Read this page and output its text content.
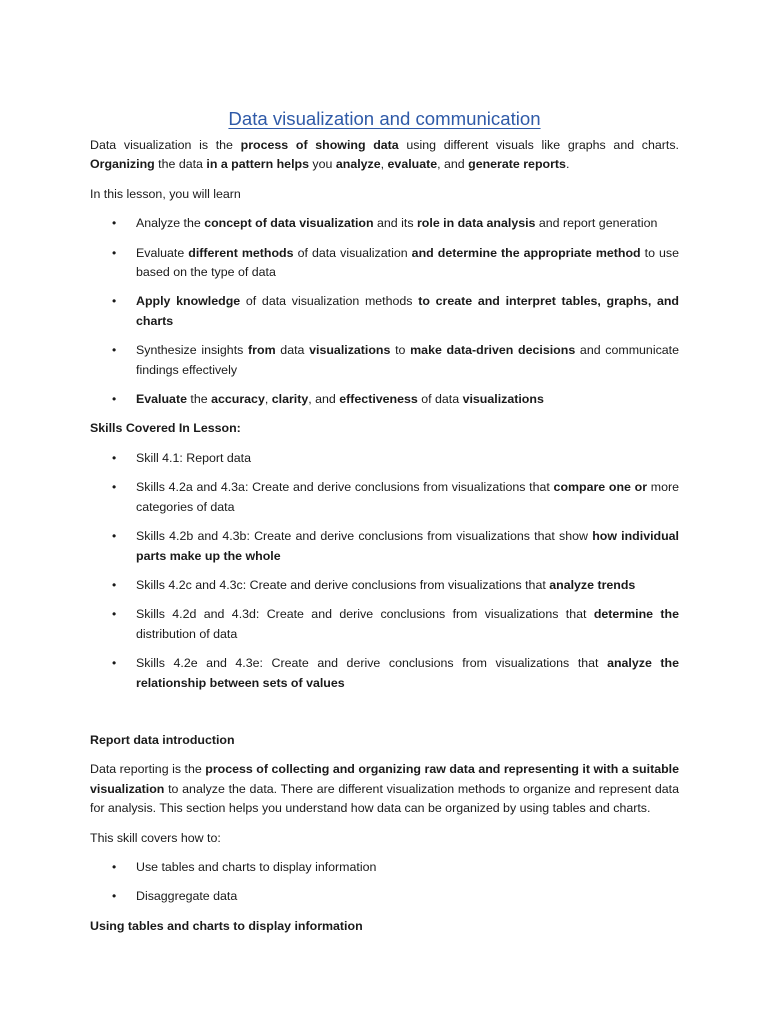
Data visualization and communication

Data visualization is the process of showing data using different visuals like graphs and charts. Organizing the data in a pattern helps you analyze, evaluate, and generate reports.

In this lesson, you will learn

• Analyze the concept of data visualization and its role in data analysis and report generation
• Evaluate different methods of data visualization and determine the appropriate method to use based on the type of data
• Apply knowledge of data visualization methods to create and interpret tables, graphs, and charts
• Synthesize insights from data visualizations to make data-driven decisions and communicate findings effectively
• Evaluate the accuracy, clarity, and effectiveness of data visualizations

Skills Covered In Lesson:

• Skill 4.1: Report data
• Skills 4.2a and 4.3a: Create and derive conclusions from visualizations that compare one or more categories of data
• Skills 4.2b and 4.3b: Create and derive conclusions from visualizations that show how individual parts make up the whole
• Skills 4.2c and 4.3c: Create and derive conclusions from visualizations that analyze trends
• Skills 4.2d and 4.3d: Create and derive conclusions from visualizations that determine the distribution of data
• Skills 4.2e and 4.3e: Create and derive conclusions from visualizations that analyze the relationship between sets of values

Report data introduction

Data reporting is the process of collecting and organizing raw data and representing it with a suitable visualization to analyze the data. There are different visualization methods to organize and represent data for analysis. This section helps you understand how data can be organized by using tables and charts.

This skill covers how to:

• Use tables and charts to display information
• Disaggregate data

Using tables and charts to display information
